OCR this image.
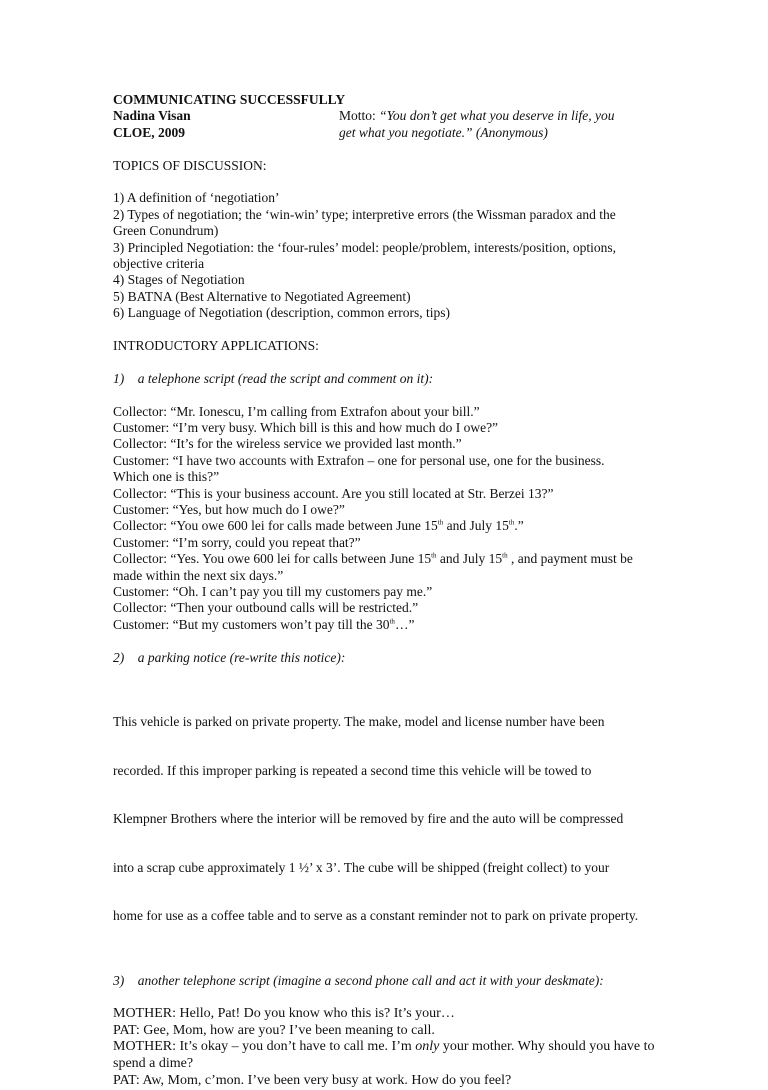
COMMUNICATING SUCCESSFULLY
Nadina Visan	Motto: “You don’t get what you deserve in life, you
CLOE, 2009	get what you negotiate.” (Anonymous)
TOPICS OF DISCUSSION:
1) A definition of ‘negotiation’
2) Types of negotiation; the ‘win-win’ type; interpretive errors (the Wissman paradox and the
Green Conundrum)
3) Principled Negotiation: the ‘four-rules’ model: people/problem, interests/position, options,
objective criteria
4) Stages of Negotiation
5) BATNA (Best Alternative to Negotiated Agreement)
6) Language of Negotiation (description, common errors, tips)
INTRODUCTORY APPLICATIONS:
1) a telephone script (read the script and comment on it):
Collector: “Mr. Ionescu, I’m calling from Extrafon about your bill.”
Customer: “I’m very busy. Which bill is this and how much do I owe?”
Collector: “It’s for the wireless service we provided last month.”
Customer: “I have two accounts with Extrafon – one for personal use, one for the business.
Which one is this?”
Collector: “This is your business account. Are you still located at Str. Berzei 13?”
Customer: “Yes, but how much do I owe?”
Collector: “You owe 600 lei for calls made between June 15th and July 15th.”
Customer: “I’m sorry, could you repeat that?”
Collector: “Yes. You owe 600 lei for calls between June 15th and July 15th , and payment must be
made within the next six days.”
Customer: “Oh. I can’t pay you till my customers pay me.”
Collector: “Then your outbound calls will be restricted.”
Customer: “But my customers won’t pay till the 30th…”
2) a parking notice (re-write this notice):

This vehicle is parked on private property. The make, model and license number have been

recorded. If this improper parking is repeated a second time this vehicle will be towed to

Klempner Brothers where the interior will be removed by fire and the auto will be compressed

into a scrap cube approximately 1 ½’ x 3’. The cube will be shipped (freight collect) to your

home for use as a coffee table and to serve as a constant reminder not to park on private property.

3) another telephone script (imagine a second phone call and act it with your deskmate):
MOTHER: Hello, Pat! Do you know who this is? It’s your…
PAT: Gee, Mom, how are you? I’ve been meaning to call.
MOTHER: It’s okay – you don’t have to call me. I’m only your mother. Why should you have to
spend a dime?
PAT: Aw, Mom, c’mon. I’ve been very busy at work. How do you feel?
